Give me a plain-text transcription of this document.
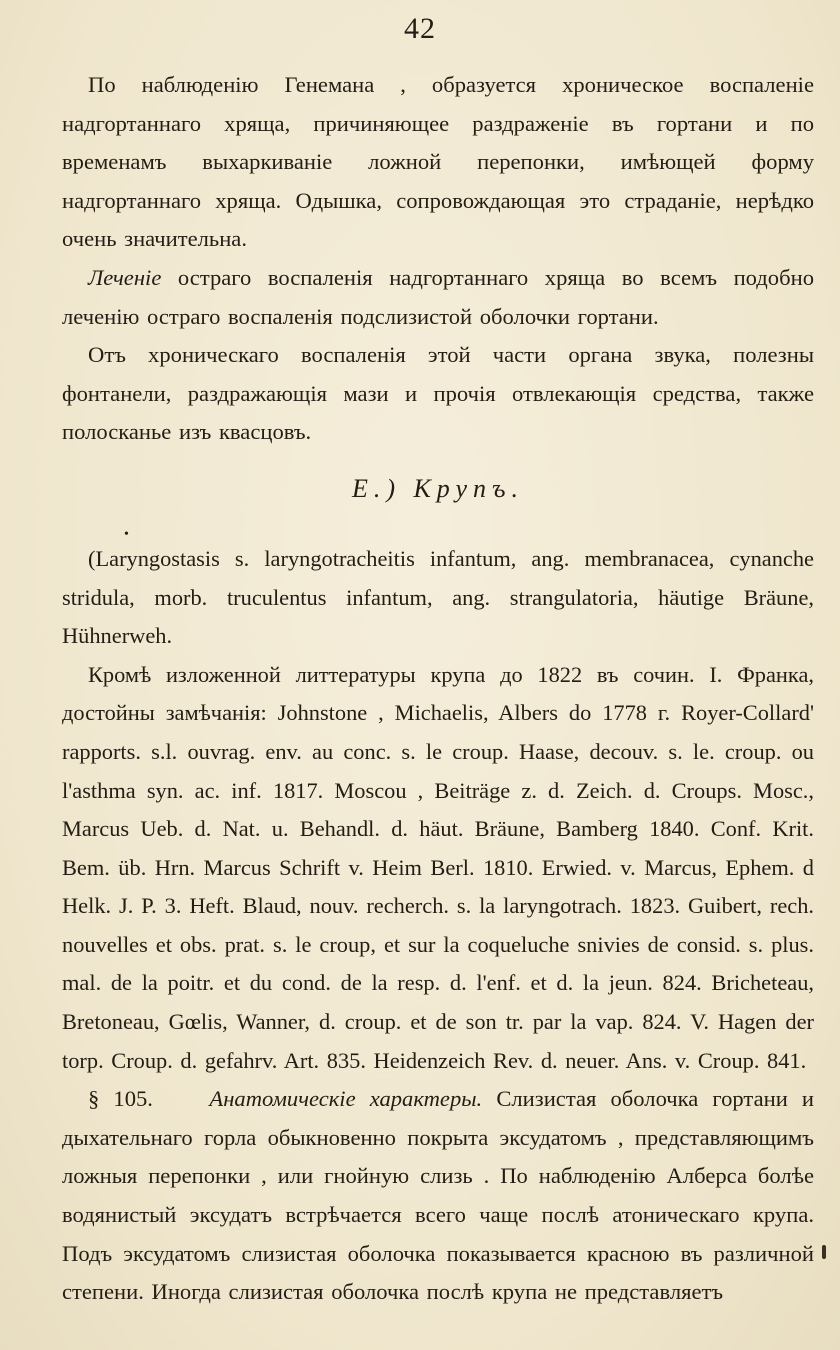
42

По наблюденію Генемана , образуется хроническое воспаленіе надгортаннаго хряща, причиняющее раздраженіе въ гортани и по временамъ выхаркиваніе ложной перепонки, имѣющей форму надгортаннаго хряща. Одышка, сопровождающая это страданіе, нерѣдко очень значительна.

Леченіе остраго воспаленія надгортаннаго хряща во всемъ подобно леченію остраго воспаленія подслизистой оболочки гортани.

Отъ хроническаго воспаленія этой части органа звука, полезны фонтанели, раздражающія мази и прочія отвлекающія средства, также полосканье изъ квасцовъ.

Е.) Крупъ.
•

(Laryngostasis s. laryngotracheitis infantum, ang. membranacea, cynanche stridula, morb. truculentus infantum, ang. strangulatoria, häutige Bräune, Hühnerweh.

Кромѣ изложенной литтературы крупа до 1822 въ сочин. I. Франка, достойны замѣчанія: Johnstone , Michaelis, Albers do 1778 г. Royer-Collard' rapports. s.l. ouvrag. env. au conc. s. le croup. Haase, decouv. s. le. croup. ou l'asthma syn. ac. inf. 1817. Moscou , Beiträge z. d. Zeich. d. Croups. Mosc., Marcus Ueb. d. Nat. u. Behandl. d. häut. Bräune, Bamberg 1840. Conf. Krit. Bem. üb. Hrn. Marcus Schrift v. Heim Berl. 1810. Erwied. v. Marcus, Ephem. d Helk. J. P. 3. Heft. Blaud, nouv. recherch. s. la laryngotrach. 1823. Guibert, rech. nouvelles et obs. prat. s. le croup, et sur la coqueluche snivies de consid. s. plus. mal. de la poitr. et du cond. de la resp. d. l'enf. et d. la jeun. 824. Bricheteau, Bretoneau, Gœlis, Wanner, d. croup. et de son tr. par la vap. 824. V. Hagen der torp. Croup. d. gefahrv. Art. 835. Heidenzeich Rev. d. neuer. Ans. v. Croup. 841.

§ 105. Анатомическіе характеры. Слизистая оболочка гортани и дыхательнаго горла обыкновенно покрыта эксудатомъ , представляющимъ ложныя перепонки , или гнойную слизь . По наблюденію Алберса болѣе водянистый эксудатъ встрѣчается всего чаще послѣ атоническаго крупа. Подъ эксудатомъ слизистая оболочка показывается красною въ различной степени. Иногда слизистая оболочка послѣ крупа не представляетъ
